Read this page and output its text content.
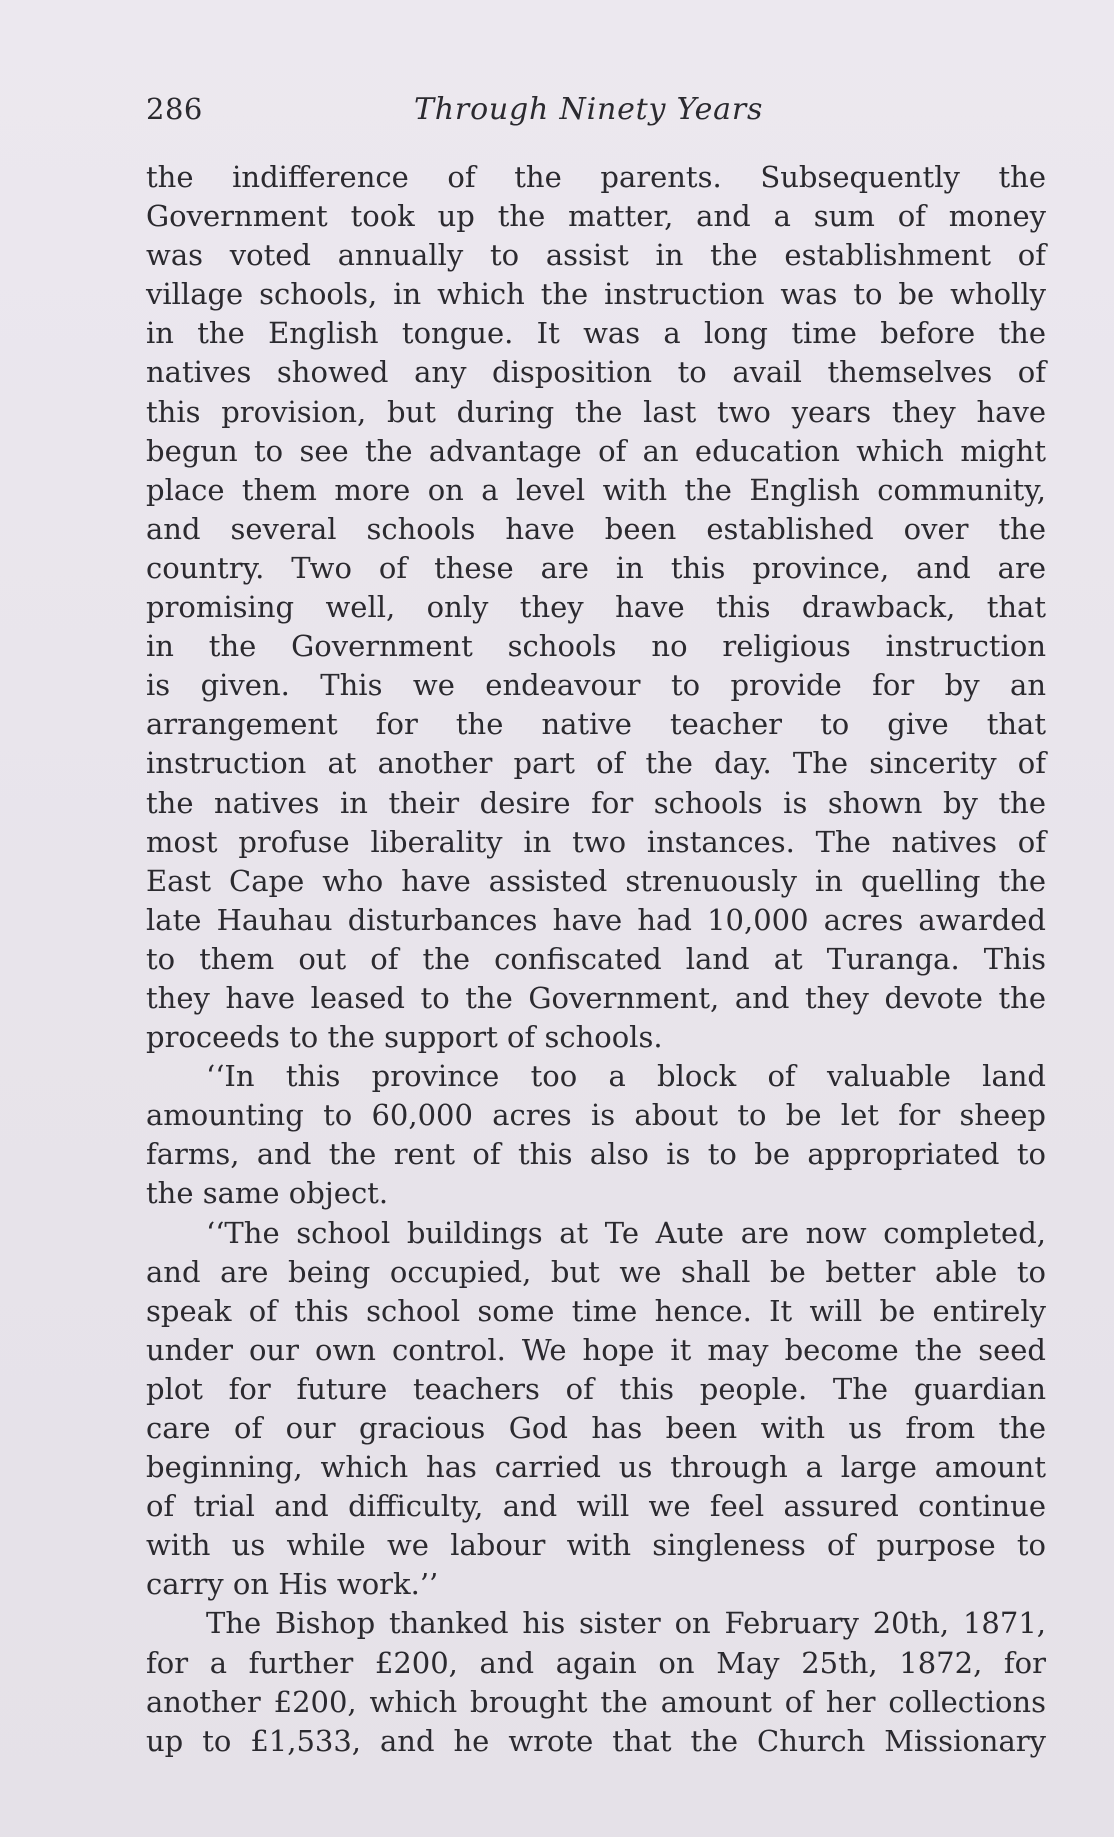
286	Through Ninety Years
the indifference of the parents. Subsequently the
Government took up the matter, and a sum of money
was voted annually to assist in the establishment of
village schools, in which the instruction was to be wholly
in the English tongue. It was a long time before the
natives showed any disposition to avail themselves of
this provision, but during the last two years they have
begun to see the advantage of an education which might
place them more on a level with the English community,
and several schools have been established over the
country. Two of these are in this province, and are
promising well, only they have this drawback, that
in the Government schools no religious instruction
is given. This we endeavour to provide for by an
arrangement for the native teacher to give that
instruction at another part of the day. The sincerity of
the natives in their desire for schools is shown by the
most profuse liberality in two instances. The natives of
East Cape who have assisted strenuously in quelling the
late Hauhau disturbances have had 10,000 acres awarded
to them out of the confiscated land at Turanga. This
they have leased to the Government, and they devote the
proceeds to the support of schools.
‘‘In this province too a block of valuable land
amounting to 60,000 acres is about to be let for sheep
farms, and the rent of this also is to be appropriated to
the same object.
‘‘The school buildings at Te Aute are now completed,
and are being occupied, but we shall be better able to
speak of this school some time hence. It will be entirely
under our own control. We hope it may become the seed
plot for future teachers of this people. The guardian
care of our gracious God has been with us from the
beginning, which has carried us through a large amount
of trial and difficulty, and will we feel assured continue
with us while we labour with singleness of purpose to
carry on His work.’’
The Bishop thanked his sister on February 20th, 1871,
for a further £200, and again on May 25th, 1872, for
another £200, which brought the amount of her collections
up to £1,533, and he wrote that the Church Missionary
